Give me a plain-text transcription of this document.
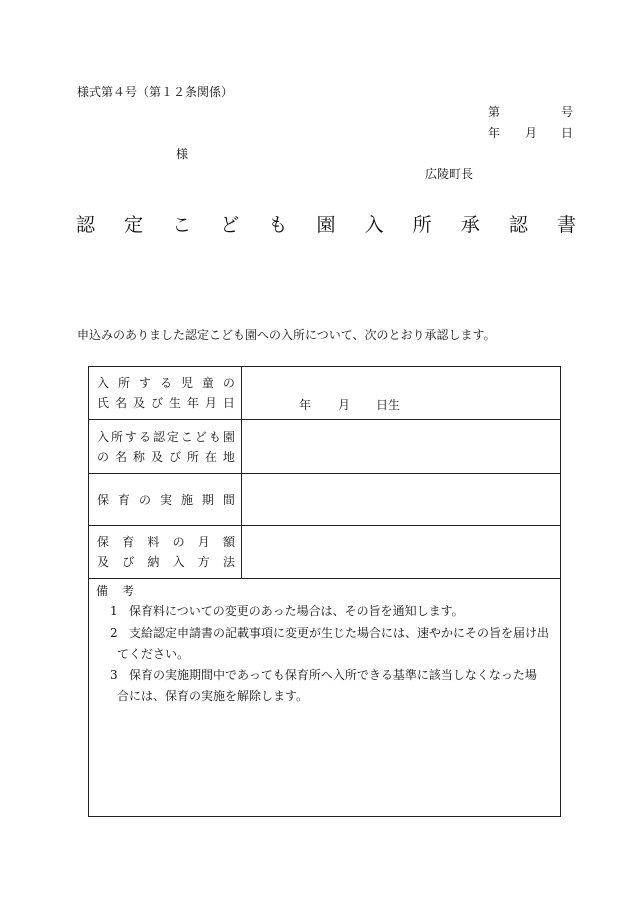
様式第４号（第１２条関係）
第	号
年 月 日
様
広陵町長
認 定 こ ど も 園 入 所 承 認 書
申込みのありました認定こども園への入所について、次のとおり承認します。
入 所 す る 児 童 の
氏 名 及 び 生 年 月 日	年 月 日生
入 所 す る 認 定 こ ど も 園
の 名 称 及 び 所 在 地
保 育 の 実 施 期 間
保 育 料 の 月 額
及 び 納 入 方 法
備 考
1 保育料についての変更のあった場合は、その旨を通知します。
2 支給認定申請書の記載事項に変更が生じた場合には、速やかにその旨を届け出
てください。
3 保育の実施期間中であっても保育所へ入所できる基準に該当しなくなった場
合には、保育の実施を解除します。
